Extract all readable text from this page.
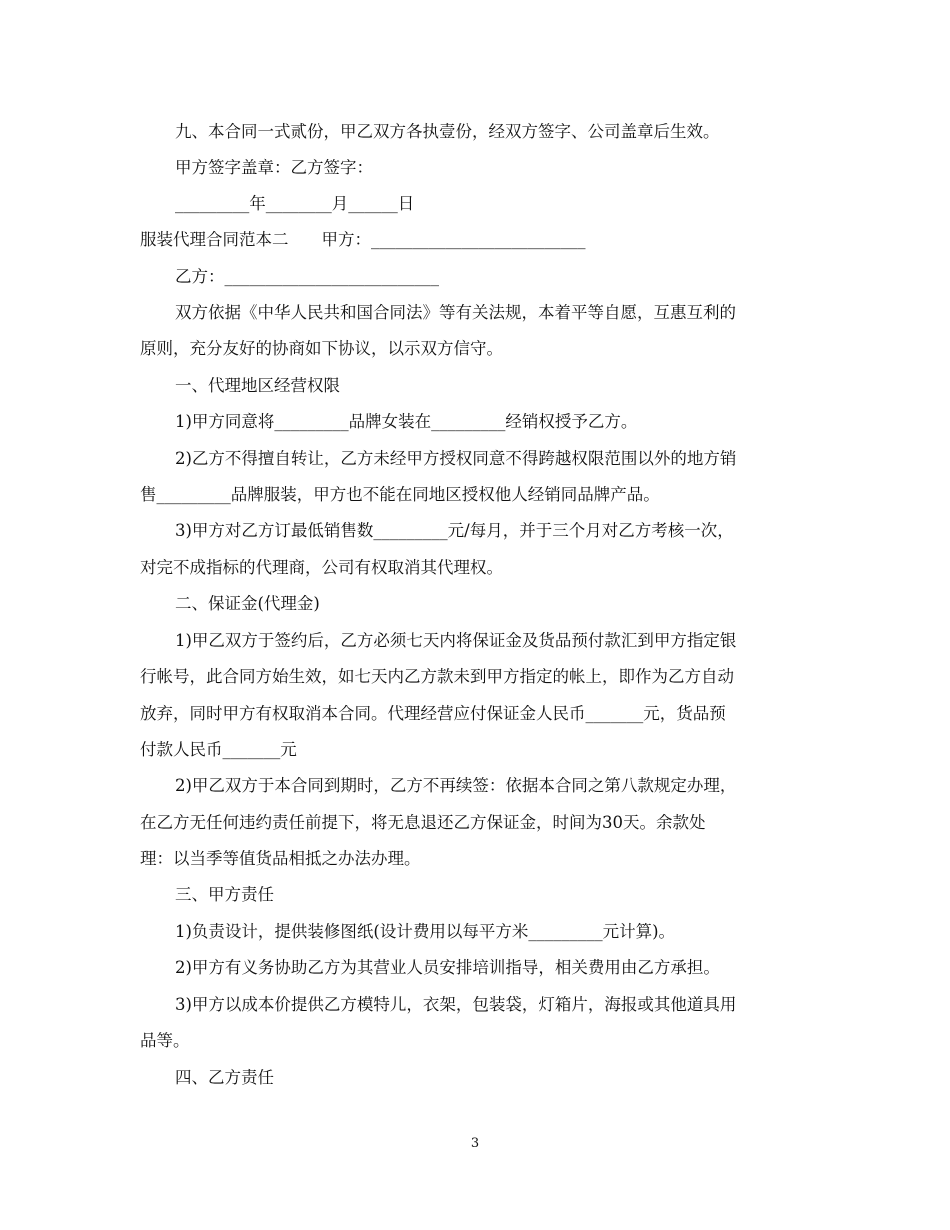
九、本合同一式贰份，甲乙双方各执壹份，经双方签字、公司盖章后生效。
甲方签字盖章：乙方签字：
_________年________月______日
服装代理合同范本二　　甲方：__________________________
乙方：__________________________
双方依据《中华人民共和国合同法》等有关法规，本着平等自愿，互惠互利的
原则，充分友好的协商如下协议，以示双方信守。
一、代理地区经营权限
1)甲方同意将_________品牌女装在_________经销权授予乙方。
2)乙方不得擅自转让，乙方未经甲方授权同意不得跨越权限范围以外的地方销
售_________品牌服装，甲方也不能在同地区授权他人经销同品牌产品。
3)甲方对乙方订最低销售数_________元/每月，并于三个月对乙方考核一次，
对完不成指标的代理商，公司有权取消其代理权。
二、保证金(代理金)
1)甲乙双方于签约后，乙方必须七天内将保证金及货品预付款汇到甲方指定银
行帐号，此合同方始生效，如七天内乙方款未到甲方指定的帐上，即作为乙方自动
放弃，同时甲方有权取消本合同。代理经营应付保证金人民币_______元，货品预
付款人民币_______元
2)甲乙双方于本合同到期时，乙方不再续签：依据本合同之第八款规定办理，
在乙方无任何违约责任前提下，将无息退还乙方保证金，时间为30天。余款处
理：以当季等值货品相抵之办法办理。
三、甲方责任
1)负责设计，提供装修图纸(设计费用以每平方米_________元计算)。
2)甲方有义务协助乙方为其营业人员安排培训指导，相关费用由乙方承担。
3)甲方以成本价提供乙方模特儿，衣架，包装袋，灯箱片，海报或其他道具用
品等。
四、乙方责任
3
